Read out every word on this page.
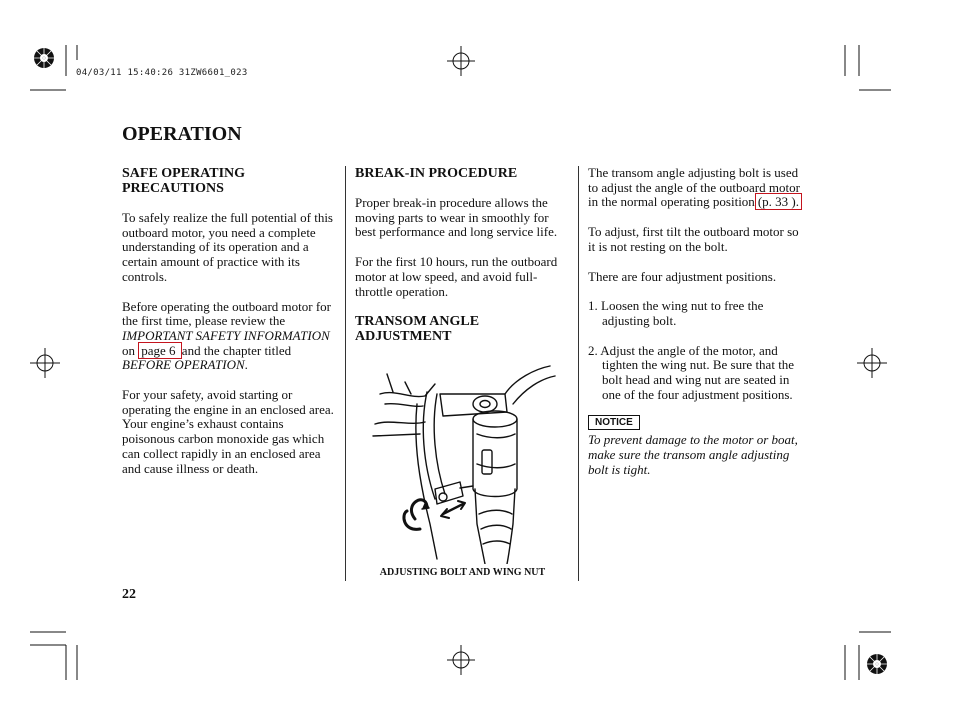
04/03/11 15:40:26 31ZW6601_023
OPERATION
SAFE OPERATING PRECAUTIONS

To safely realize the full potential of this outboard motor, you need a complete understanding of its operation and a certain amount of practice with its controls.

Before operating the outboard motor for the first time, please review the IMPORTANT SAFETY INFORMATION on page 6 and the chapter titled BEFORE OPERATION.

For your safety, avoid starting or operating the engine in an enclosed area. Your engine’s exhaust contains poisonous carbon monoxide gas which can collect rapidly in an enclosed area and cause illness or death.

BREAK-IN PROCEDURE

Proper break-in procedure allows the moving parts to wear in smoothly for best performance and long service life.

For the first 10 hours, run the outboard motor at low speed, and avoid full-throttle operation.

TRANSOM ANGLE ADJUSTMENT
ADJUSTING BOLT AND WING NUT

The transom angle adjusting bolt is used to adjust the angle of the outboard motor in the normal operating position (p. 33 ).

To adjust, first tilt the outboard motor so it is not resting on the bolt.

There are four adjustment positions.

1. Loosen the wing nut to free the adjusting bolt.

2. Adjust the angle of the motor, and tighten the wing nut. Be sure that the bolt head and wing nut are seated in one of the four adjustment positions.

NOTICE

To prevent damage to the motor or boat, make sure the transom angle adjusting bolt is tight.

22
